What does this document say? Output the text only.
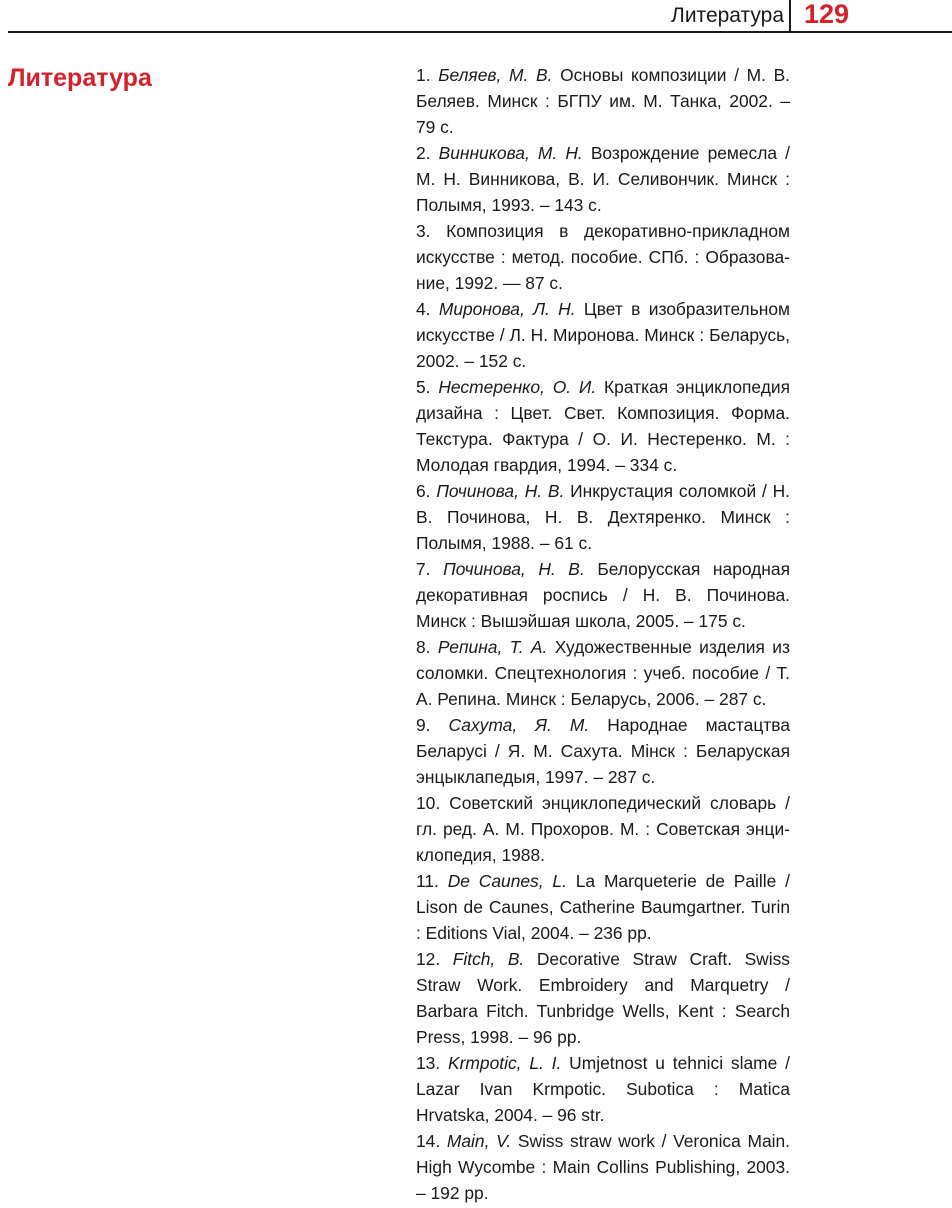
Литература 129
Литература	1. Беляев, М. В. Основы композиции / М. В. Беляев. Минск : БГПУ им. М. Танка, 2002. – 79 с.
2. Винникова, М. Н. Возрождение ремесла / М. Н. Винникова, В. И. Селивончик. Минск : Полымя, 1993. – 143 с.
3. Композиция в декоративно-прикладном искусстве : метод. пособие. СПб. : Образование, 1992. — 87 с.
4. Миронова, Л. Н. Цвет в изобразительном искусстве / Л. Н. Миронова. Минск : Беларусь, 2002. – 152 с.
5. Нестеренко, О. И. Краткая энциклопедия дизайна : Цвет. Свет. Композиция. Форма. Текстура. Фактура / О. И. Нестеренко. М. : Молодая гвардия, 1994. – 334 с.
6. Починова, Н. В. Инкрустация соломкой / Н. В. Починова, Н. В. Дехтяренко. Минск : Полымя, 1988. – 61 с.
7. Починова, Н. В. Белорусская народная декоративная роспись / Н. В. Починова. Минск : Вышэйшая школа, 2005. – 175 с.
8. Репина, Т. А. Художественные изделия из соломки. Спецтехнология : учеб. пособие / Т. А. Репина. Минск : Беларусь, 2006. – 287 с.
9. Сахута, Я. М. Народнае мастацтва Беларусі / Я. М. Сахута. Мінск : Беларуская энцыклапедыя, 1997. – 287 с.
10. Советский энциклопедический словарь / гл. ред. А. М. Прохоров. М. : Советская энциклопедия, 1988.
11. De Caunes, L. La Marqueterie de Paille / Lison de Caunes, Catherine Baumgartner. Turin : Editions Vial, 2004. – 236 pp.
12. Fitch, B. Decorative Straw Craft. Swiss Straw Work. Embroidery and Marquetry / Barbara Fitch. Tunbridge Wells, Kent : Search Press, 1998. – 96 pp.
13. Krmpotic, L. I. Umjetnost u tehnici slame / Lazar Ivan Krmpotic. Subotica : Matica Hrvatska, 2004. – 96 str.
14. Main, V. Swiss straw work / Veronica Main. High Wycombe : Main Collins Publishing, 2003. – 192 pp.
